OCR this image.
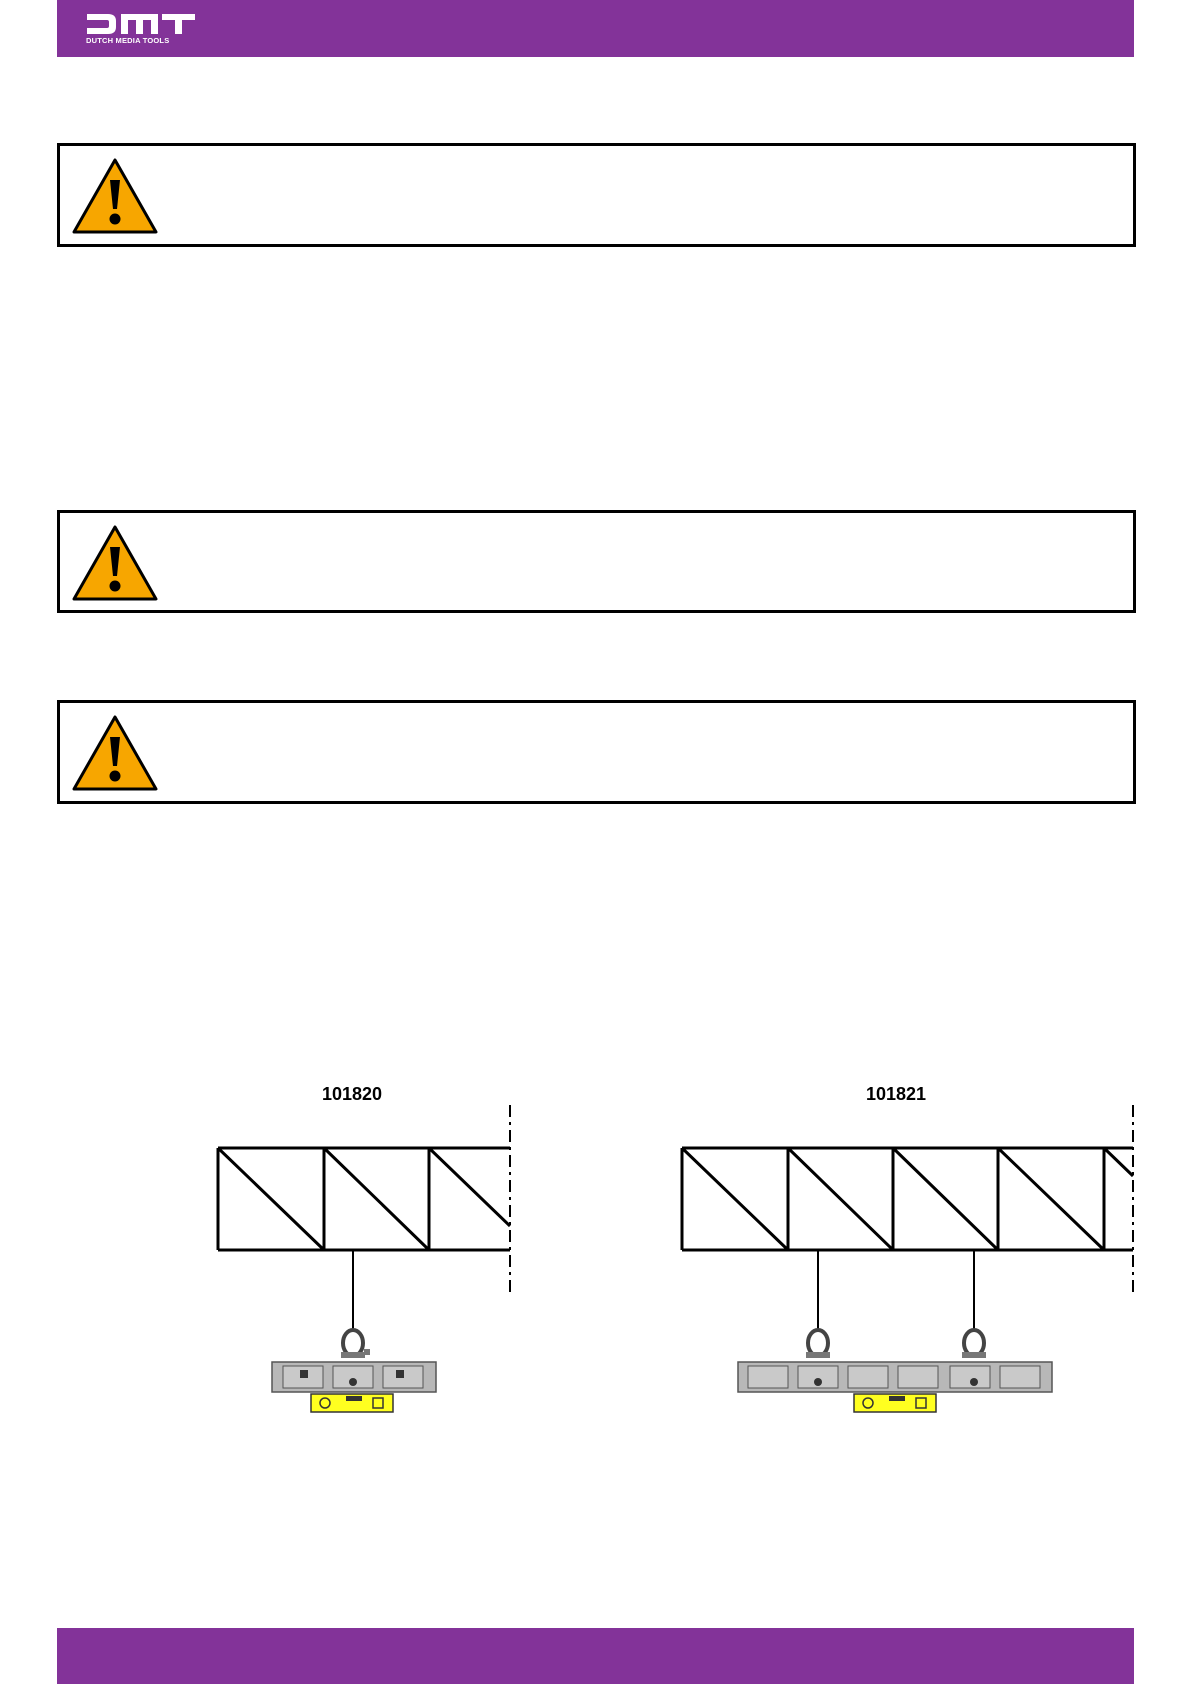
DUTCH MEDIA TOOLS
101820	101821
